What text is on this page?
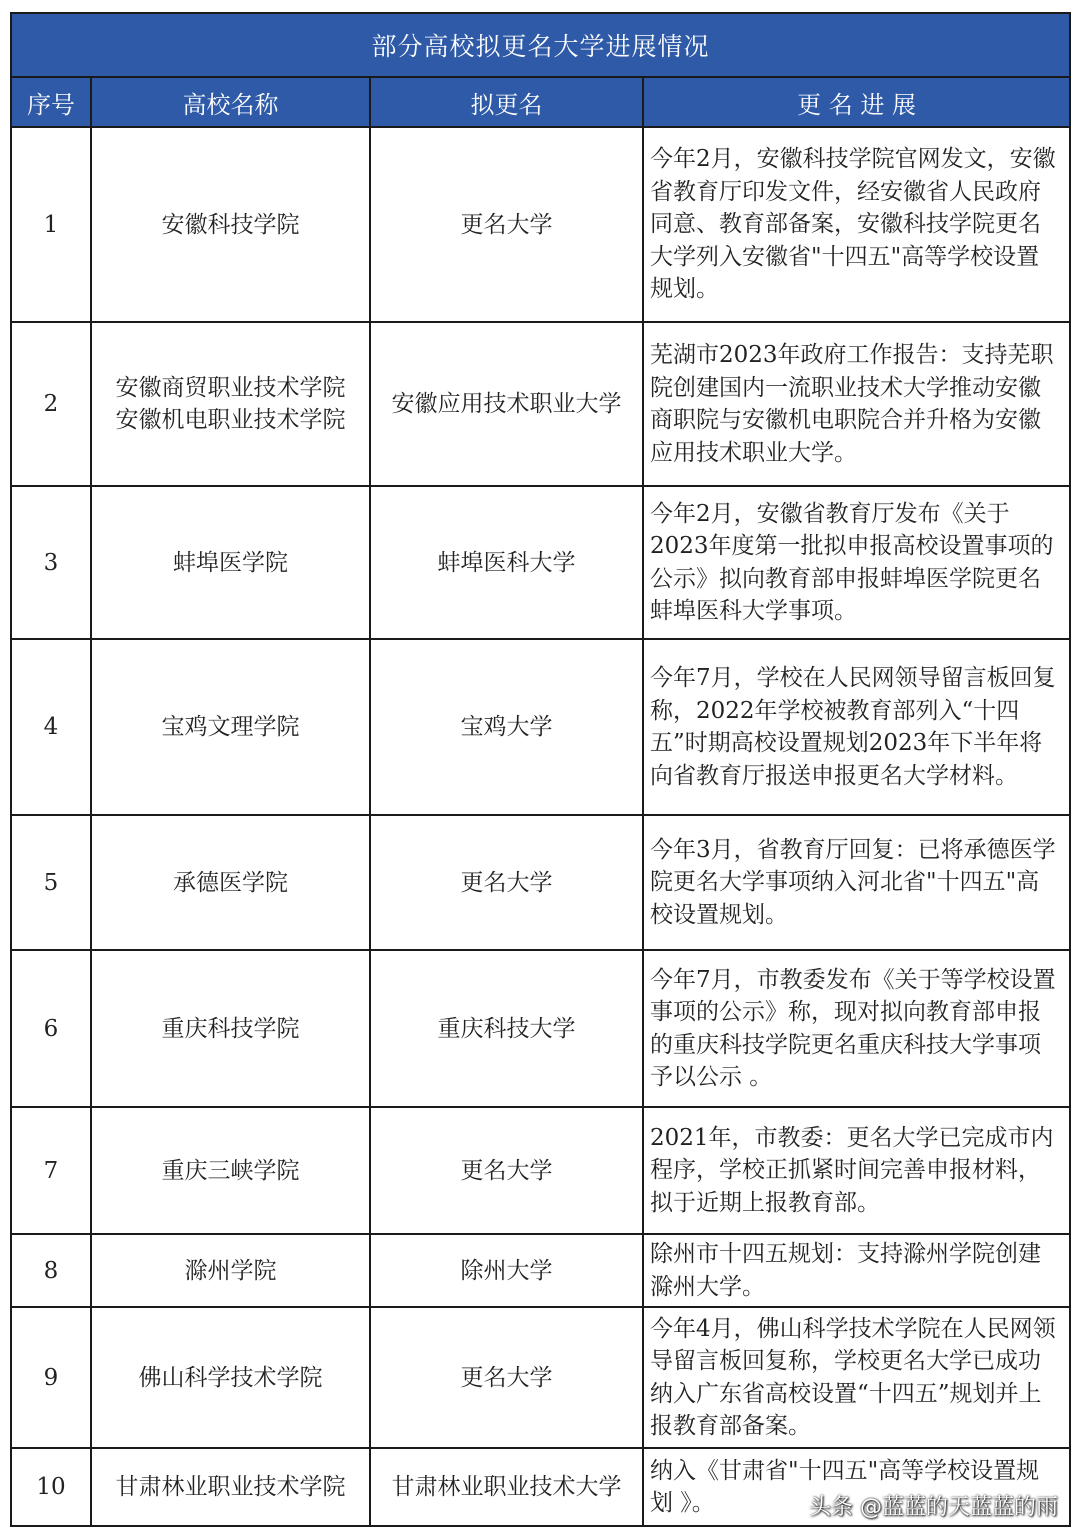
部分高校拟更名大学进展情况			
序号	高校名称	拟更名	更 名 进 展
1	安徽科技学院	更名大学	今年2月，安徽科技学院官网发文，安徽省教育厅印发文件，经安徽省人民政府同意、教育部备案，安徽科技学院更名大学列入安徽省"十四五"高等学校设置规划。
2	安徽商贸职业技术学院
安徽机电职业技术学院	安徽应用技术职业大学	芜湖市2023年政府工作报告：支持芜职院创建国内一流职业技术大学推动安徽商职院与安徽机电职院合并升格为安徽应用技术职业大学。
3	蚌埠医学院	蚌埠医科大学	今年2月，安徽省教育厅发布《关于2023年度第一批拟申报高校设置事项的公示》拟向教育部申报蚌埠医学院更名蚌埠医科大学事项。
4	宝鸡文理学院	宝鸡大学	今年7月，学校在人民网领导留言板回复称，2022年学校被教育部列入“十四五”时期高校设置规划2023年下半年将向省教育厅报送申报更名大学材料。
5	承德医学院	更名大学	今年3月，省教育厅回复：已将承德医学院更名大学事项纳入河北省"十四五"高校设置规划。
6	重庆科技学院	重庆科技大学	今年7月，市教委发布《关于等学校设置事项的公示》称，现对拟向教育部申报的重庆科技学院更名重庆科技大学事项予以公示 。
7	重庆三峡学院	更名大学	2021年，市教委：更名大学已完成市内程序，学校正抓紧时间完善申报材料，拟于近期上报教育部。
8	滁州学院	除州大学	除州市十四五规划：支持滁州学院创建滁州大学。
9	佛山科学技术学院	更名大学	今年4月，佛山科学技术学院在人民网领导留言板回复称，学校更名大学已成功纳入广东省高校设置“十四五”规划并上报教育部备案。
10	甘肃林业职业技术学院	甘肃林业职业技术大学	纳入《甘肃省"十四五"高等学校设置规划 》。	头条 @蓝蓝的天蓝蓝的雨
